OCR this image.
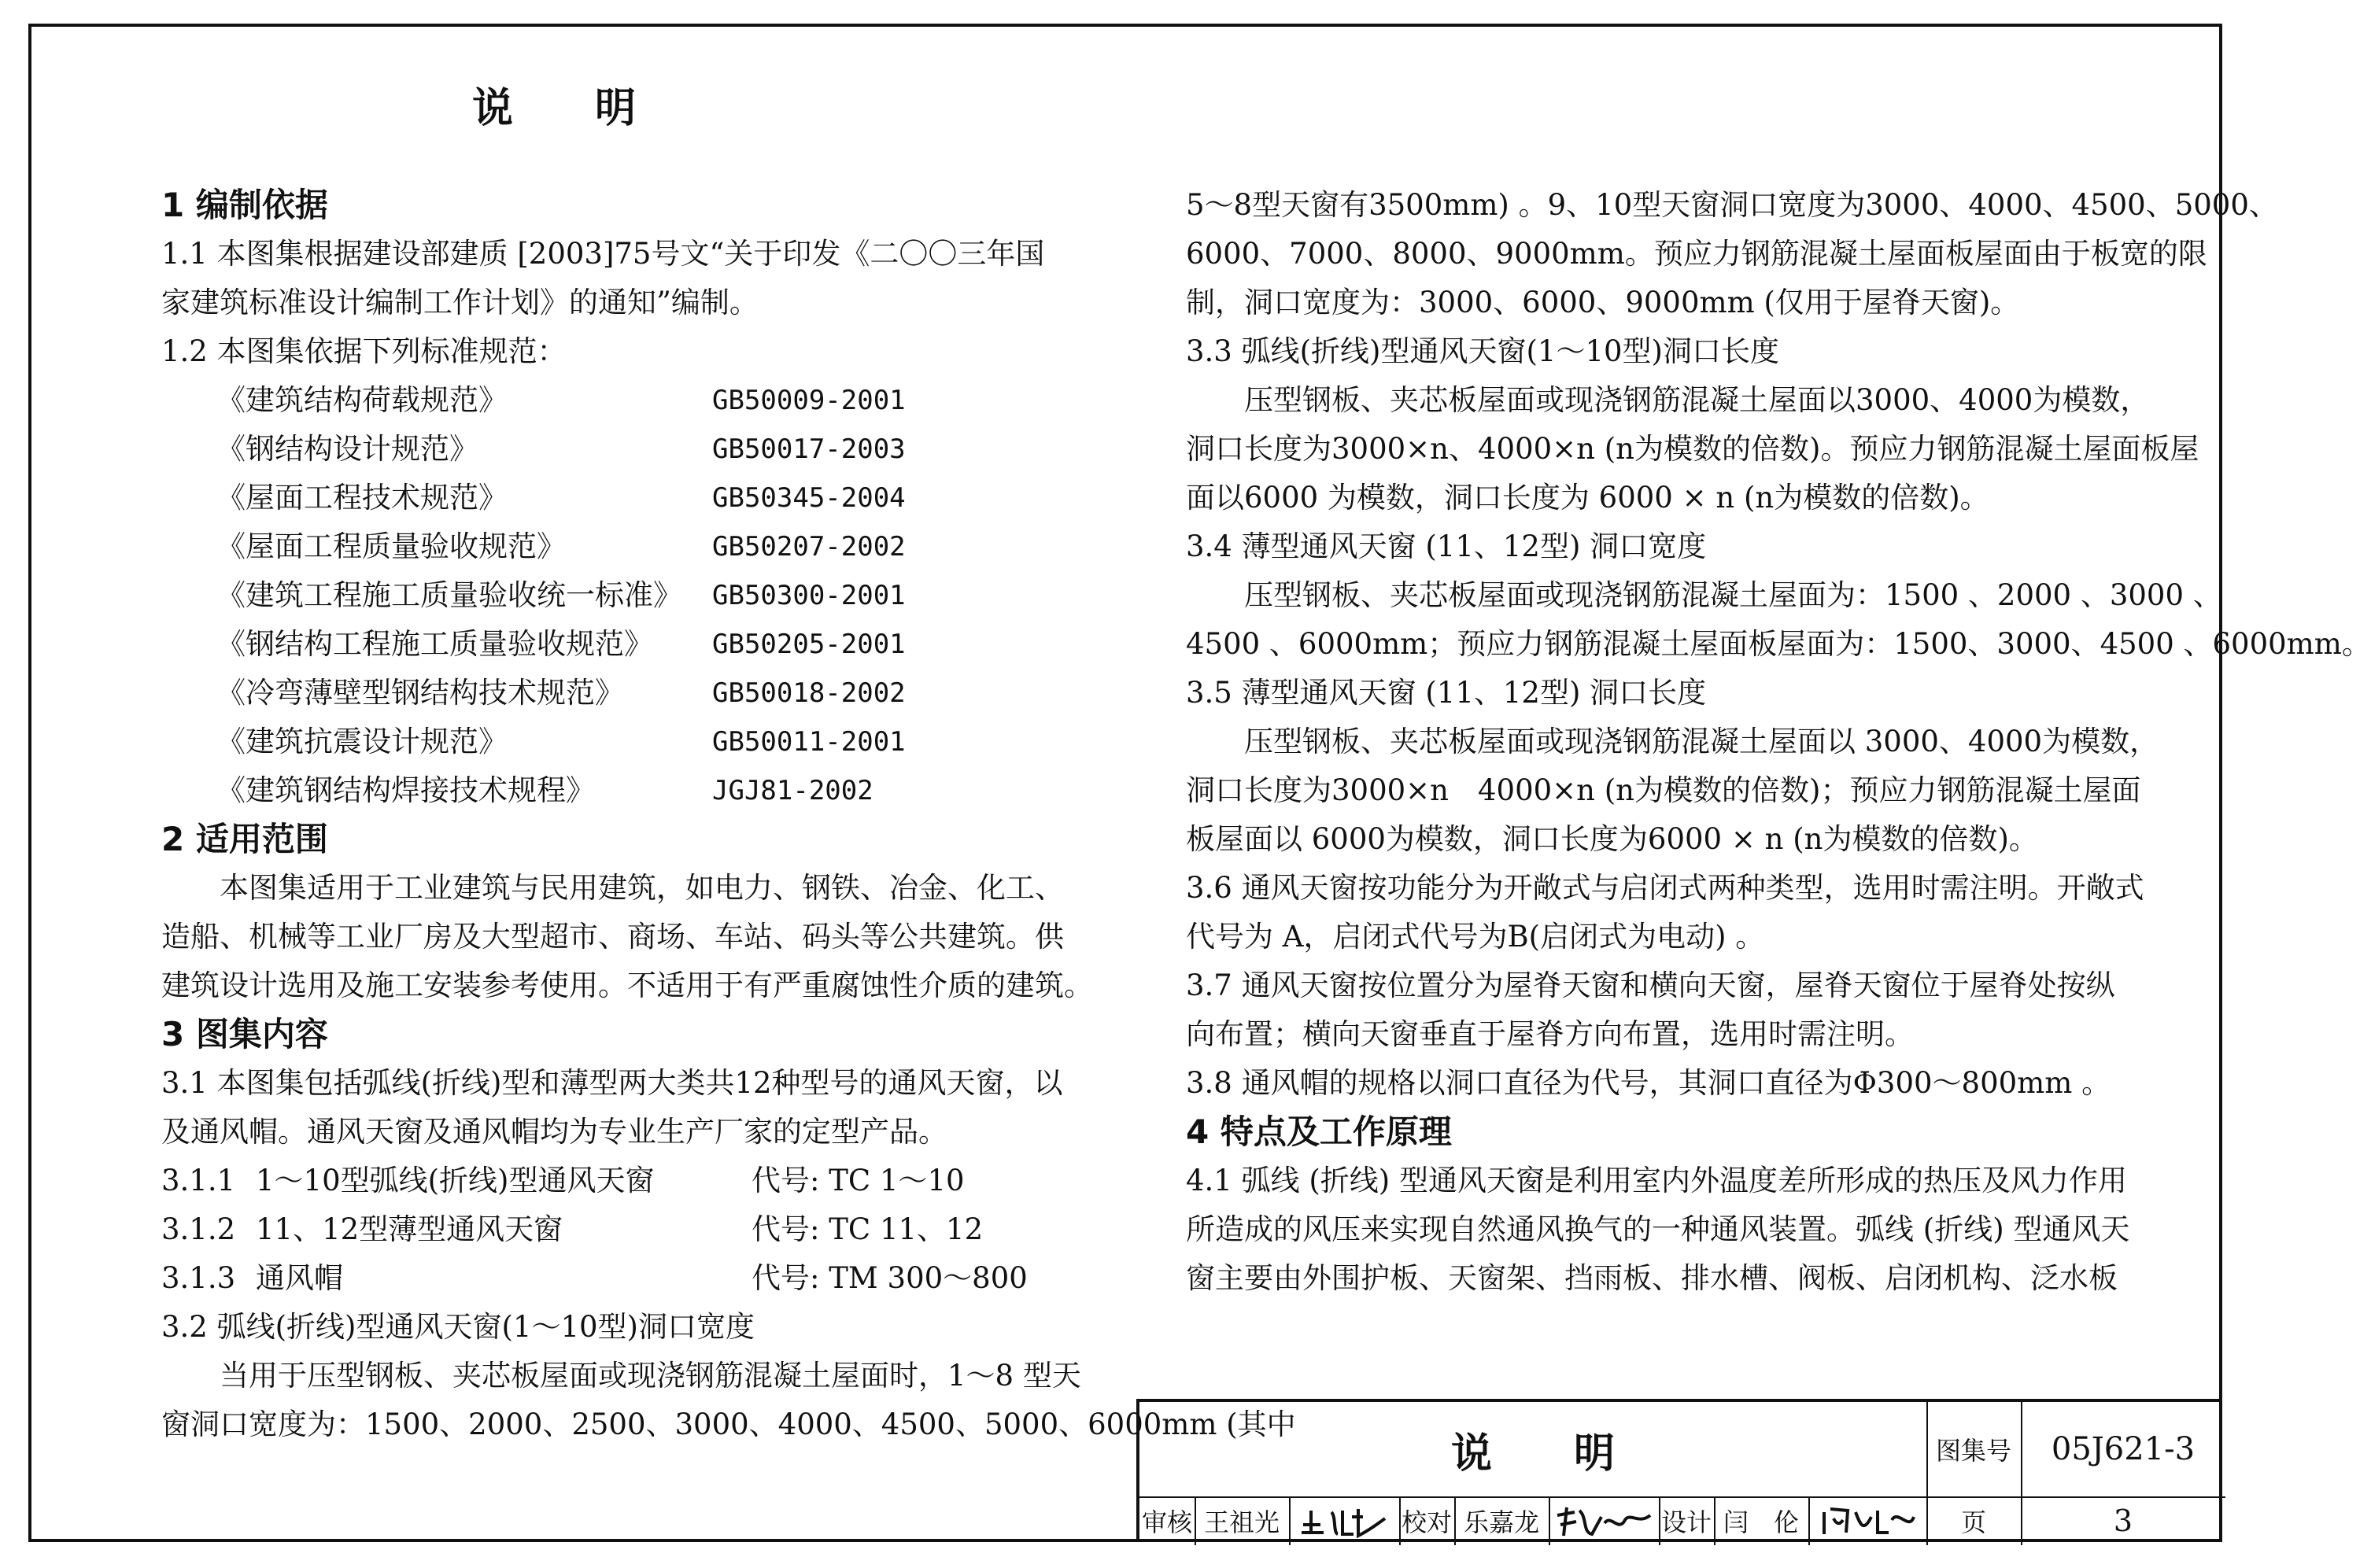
说　　明
1 编制依据
1.1 本图集根据建设部建质 [2003]75号文“关于印发《二〇〇三年国
家建筑标准设计编制工作计划》的通知”编制。
1.2 本图集依据下列标准规范：
《建筑结构荷载规范》	GB50009-2001
《钢结构设计规范》	GB50017-2003
《屋面工程技术规范》	GB50345-2004
《屋面工程质量验收规范》	GB50207-2002
《建筑工程施工质量验收统一标准》	GB50300-2001
《钢结构工程施工质量验收规范》	GB50205-2001
《冷弯薄壁型钢结构技术规范》	GB50018-2002
《建筑抗震设计规范》	GB50011-2001
《建筑钢结构焊接技术规程》	JGJ81-2002
2 适用范围
　　本图集适用于工业建筑与民用建筑，如电力、钢铁、冶金、化工、
造船、机械等工业厂房及大型超市、商场、车站、码头等公共建筑。供
建筑设计选用及施工安装参考使用。不适用于有严重腐蚀性介质的建筑。
3 图集内容
3.1 本图集包括弧线(折线)型和薄型两大类共12种型号的通风天窗，以
及通风帽。通风天窗及通风帽均为专业生产厂家的定型产品。
3.1.1 1～10型弧线(折线)型通风天窗	代号: TC 1～10
3.1.2 11、12型薄型通风天窗	代号: TC 11、12
3.1.3 通风帽	代号: TM 300～800
3.2 弧线(折线)型通风天窗(1～10型)洞口宽度
　　当用于压型钢板、夹芯板屋面或现浇钢筋混凝土屋面时，1～8 型天
窗洞口宽度为：1500、2000、2500、3000、4000、4500、5000、6000mm (其中
5～8型天窗有3500mm) 。9、10型天窗洞口宽度为3000、4000、4500、5000、
6000、7000、8000、9000mm。预应力钢筋混凝土屋面板屋面由于板宽的限
制，洞口宽度为：3000、6000、9000mm (仅用于屋脊天窗)。
3.3 弧线(折线)型通风天窗(1～10型)洞口长度
　　压型钢板、夹芯板屋面或现浇钢筋混凝土屋面以3000、4000为模数，
洞口长度为3000×n、4000×n (n为模数的倍数)。预应力钢筋混凝土屋面板屋
面以6000 为模数，洞口长度为 6000 × n (n为模数的倍数)。
3.4 薄型通风天窗 (11、12型) 洞口宽度
　　压型钢板、夹芯板屋面或现浇钢筋混凝土屋面为：1500 、2000 、3000 、
4500 、6000mm；预应力钢筋混凝土屋面板屋面为：1500、3000、4500 、6000mm。
3.5 薄型通风天窗 (11、12型) 洞口长度
　　压型钢板、夹芯板屋面或现浇钢筋混凝土屋面以 3000、4000为模数，
洞口长度为3000×n　4000×n (n为模数的倍数)；预应力钢筋混凝土屋面
板屋面以 6000为模数，洞口长度为6000 × n (n为模数的倍数)。
3.6 通风天窗按功能分为开敞式与启闭式两种类型，选用时需注明。开敞式
代号为 A，启闭式代号为B(启闭式为电动) 。
3.7 通风天窗按位置分为屋脊天窗和横向天窗，屋脊天窗位于屋脊处按纵
向布置；横向天窗垂直于屋脊方向布置，选用时需注明。
3.8 通风帽的规格以洞口直径为代号，其洞口直径为Φ300～800mm 。
4 特点及工作原理
4.1 弧线 (折线) 型通风天窗是利用室内外温度差所形成的热压及风力作用
所造成的风压来实现自然通风换气的一种通风装置。弧线 (折线) 型通风天
窗主要由外围护板、天窗架、挡雨板、排水槽、阀板、启闭机构、泛水板
说　　明	图集号	05J621-3
审核 王祖光	校对 乐嘉龙	设计 闫　伦	页	3
